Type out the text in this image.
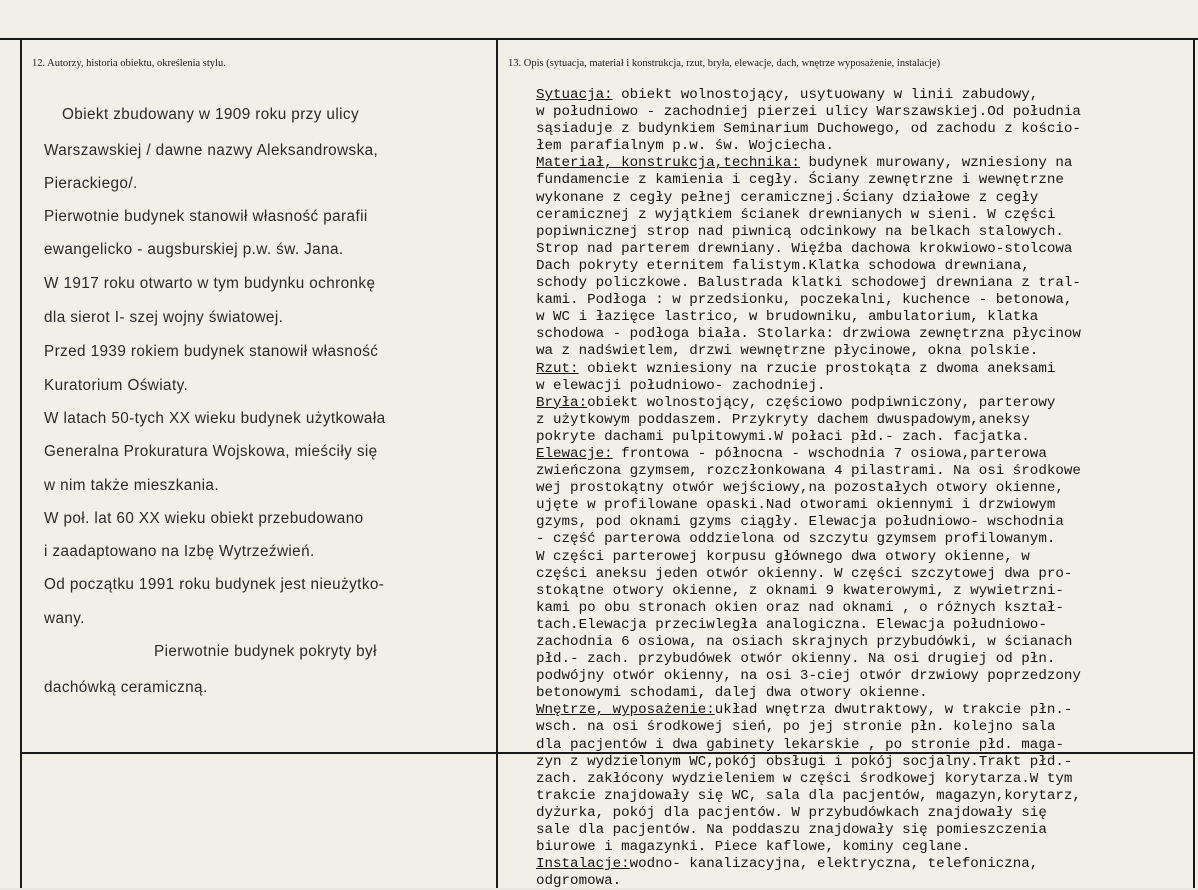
12. Autorzy, historia obiektu, określenia stylu.	13. Opis (sytuacja, materiał i konstrukcja, rzut, bryła, elewacje, dach, wnętrze wyposażenie, instalacje)
Obiekt zbudowany w 1909 roku przy ulicy
Warszawskiej / dawne nazwy Aleksandrowska,
Pierackiego/.
Pierwotnie budynek stanowił własność parafii
ewangelicko - augsburskiej p.w. św. Jana.
W 1917 roku otwarto w tym budynku ochronkę
dla sierot I- szej wojny światowej.
Przed 1939 rokiem budynek stanowił własność
Kuratorium Oświaty.
W latach 50-tych XX wieku budynek użytkowała
Generalna Prokuratura Wojskowa, mieściły się
w nim także mieszkania.
W poł. lat 60 XX wieku obiekt przebudowano
i zaadaptowano na Izbę Wytrzeźwień.
Od początku 1991 roku budynek jest nieużytko-
wany.
Pierwotnie budynek pokryty był
dachówką ceramiczną.
Sytuacja: obiekt wolnostojący, usytuowany w linii zabudowy,
w południowo - zachodniej pierzei ulicy Warszawskiej.Od południa
sąsiaduje z budynkiem Seminarium Duchowego, od zachodu z kościo-
łem parafialnym p.w. św. Wojciecha.
Materiał, konstrukcja,technika: budynek murowany, wzniesiony na
fundamencie z kamienia i cegły. Ściany zewnętrzne i wewnętrzne
wykonane z cegły pełnej ceramicznej.Ściany działowe z cegły
ceramicznej z wyjątkiem ścianek drewnianych w sieni. W części
popiwnicznej strop nad piwnicą odcinkowy na belkach stalowych.
Strop nad parterem drewniany. Więźba dachowa krokwiowo-stolcowa
Dach pokryty eternitem falistym.Klatka schodowa drewniana,
schody policzkowe. Balustrada klatki schodowej drewniana z tral-
kami. Podłoga : w przedsionku, poczekalni, kuchence - betonowa,
w WC i łazięce lastrico, w brudowniku, ambulatorium, klatka
schodowa - podłoga biała. Stolarka: drzwiowa zewnętrzna płycinow
wa z nadświetlem, drzwi wewnętrzne płycinowe, okna polskie.
Rzut: obiekt wzniesiony na rzucie prostokąta z dwoma aneksami
w elewacji południowo- zachodniej.
Bryła:obiekt wolnostojący, częściowo podpiwniczony, parterowy
z użytkowym poddaszem. Przykryty dachem dwuspadowym,aneksy
pokryte dachami pulpitowymi.W połaci płd.- zach. facjatka.
Elewacje: frontowa - północna - wschodnia 7 osiowa,parterowa
zwieńczona gzymsem, rozczłonkowana 4 pilastrami. Na osi środkowe
wej prostokątny otwór wejściowy,na pozostałych otwory okienne,
ujęte w profilowane opaski.Nad otworami okiennymi i drzwiowym
gzyms, pod oknami gzyms ciągły. Elewacja południowo- wschodnia
- część parterowa oddzielona od szczytu gzymsem profilowanym.
W części parterowej korpusu głównego dwa otwory okienne, w
części aneksu jeden otwór okienny. W części szczytowej dwa pro-
stokątne otwory okienne, z oknami 9 kwaterowymi, z wywietrzni-
kami po obu stronach okien oraz nad oknami , o różnych kształ-
tach.Elewacja przeciwległa analogiczna. Elewacja południowo-
zachodnia 6 osiowa, na osiach skrajnych przybudówki, w ścianach
płd.- zach. przybudówek otwór okienny. Na osi drugiej od płn.
podwójny otwór okienny, na osi 3-ciej otwór drzwiowy poprzedzony
betonowymi schodami, dalej dwa otwory okienne.
Wnętrze, wyposażenie:układ wnętrza dwutraktowy, w trakcie płn.-
wsch. na osi środkowej sień, po jej stronie płn. kolejno sala
dla pacjentów i dwa gabinety lekarskie , po stronie płd. maga-
zyn z wydzielonym WC,pokój obsługi i pokój socjalny.Trakt płd.-
zach. zakłócony wydzieleniem w części środkowej korytarza.W tym
trakcie znajdowały się WC, sala dla pacjentów, magazyn,korytarz,
dyżurka, pokój dla pacjentów. W przybudówkach znajdowały się
sale dla pacjentów. Na poddaszu znajdowały się pomieszczenia
biurowe i magazynki. Piece kaflowe, kominy ceglane.
Instalacje:wodno- kanalizacyjna, elektryczna, telefoniczna,
odgromowa.
